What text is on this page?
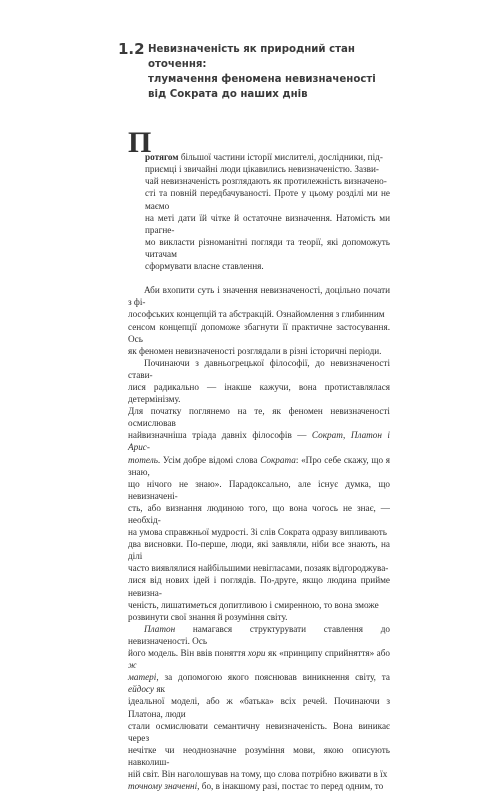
1.2 Невизначеність як природний стан оточення:
тлумачення феномена невизначеності
від Сократа до наших днів

П

ротягом більшої частини історії мислителі, дослідники, під-
приємці і звичайні люди цікавились невизначеністю. Зазви-
чай невизначеність розглядають як протилежність визначено-
сті та повній передбачуваності. Проте у цьому розділі ми не маємо
на меті дати їй чітке й остаточне визначення. Натомість ми прагне-
мо викласти різноманітні погляди та теорії, які допоможуть читачам
сформувати власне ставлення.

Аби вхопити суть і значення невизначеності, доцільно почати з фі-
лософських концепцій та абстракцій. Ознайомлення з глибинним
сенсом концепції допоможе збагнути її практичне застосування. Ось
як феномен невизначеності розглядали в різні історичні періоди.

Починаючи з давньогрецької філософії, до невизначеності стави-
лися радикально — інакше кажучи, вона протиставлялася детермінізму.
Для початку поглянемо на те, як феномен невизначеності осмислював
найвизначніша тріада давніх філософів — Сократ, Платон і Арис-
тотель. Усім добре відомі слова Сократа: «Про себе скажу, що я знаю,
що нічого не знаю». Парадоксально, але існує думка, що невизначені-
сть, або визнання людиною того, що вона чогось не знає, — необхід-
на умова справжньої мудрості. Зі слів Сократа одразу випливають
два висновки. По-перше, люди, які заявляли, ніби все знають, на ділі
часто виявлялися найбільшими невігласами, позаяк відгороджува-
лися від нових ідей і поглядів. По-друге, якщо людина прийме невизна-
ченість, лишатиметься допитливою і смиренною, то вона зможе
розвинути свої знання й розуміння світу.

Платон намагався структурувати ставлення до невизначеності. Ось
його модель. Він ввів поняття хори як «принципу сприйняття» або ж
матері, за допомогою якого пояснював виникнення світу, та ейдосу як
ідеальної моделі, або ж «батька» всіх речей. Починаючи з Платона, люди
стали осмислювати семантичну невизначеність. Вона виникає через
нечітке чи неоднозначне розуміння мови, якою описують навколиш-
ній світ. Він наголошував на тому, що слова потрібно вживати в їх
точному значенні, бо, в інакшому разі, постає то перед одним, то
